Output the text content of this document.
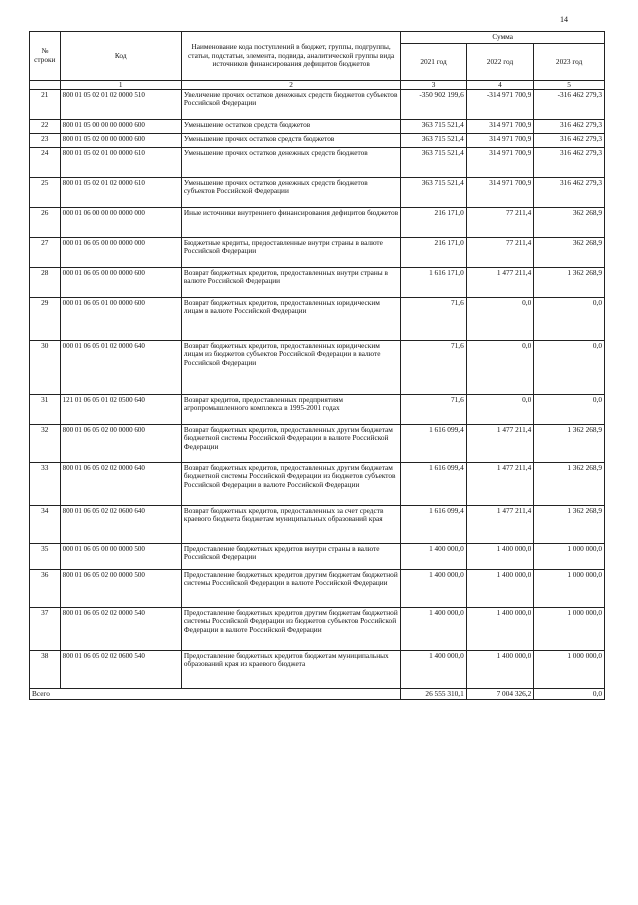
14
№ строки	Код	Наименование кода поступлений в бюджет, группы, подгруппы, статьи, подстатьи, элемента, подвида, аналитической группы вида источников финансирования дефицитов бюджетов	Сумма		
			2021 год	2022 год	2023 год
	1	2	3	4	5
21	800 01 05 02 01 02 0000 510	Увеличение прочих остатков денежных средств бюджетов субъектов Российской Федерации	-350 902 199,6	-314 971 700,9	-316 462 279,3
22	800 01 05 00 00 00 0000 600	Уменьшение остатков средств бюджетов	363 715 521,4	314 971 700,9	316 462 279,3
23	800 01 05 02 00 00 0000 600	Уменьшение прочих остатков средств бюджетов	363 715 521,4	314 971 700,9	316 462 279,3
24	800 01 05 02 01 00 0000 610	Уменьшение прочих остатков денежных средств бюджетов	363 715 521,4	314 971 700,9	316 462 279,3
25	800 01 05 02 01 02 0000 610	Уменьшение прочих остатков денежных средств бюджетов субъектов Российской Федерации	363 715 521,4	314 971 700,9	316 462 279,3
26	000 01 06 00 00 00 0000 000	Иные источники внутреннего финансирования дефицитов бюджетов	216 171,0	77 211,4	362 268,9
27	000 01 06 05 00 00 0000 000	Бюджетные кредиты, предоставленные внутри страны в валюте Российской Федерации	216 171,0	77 211,4	362 268,9
28	000 01 06 05 00 00 0000 600	Возврат бюджетных кредитов, предоставленных внутри страны в валюте Российской Федерации	1 616 171,0	1 477 211,4	1 362 268,9
29	000 01 06 05 01 00 0000 600	Возврат бюджетных кредитов, предоставленных юридическим лицам в валюте Российской Федерации	71,6	0,0	0,0
30	000 01 06 05 01 02 0000 640	Возврат бюджетных кредитов, предоставленных юридическим лицам из бюджетов субъектов Российской Федерации в валюте Российской Федерации	71,6	0,0	0,0
31	121 01 06 05 01 02 0500 640	Возврат кредитов, предоставленных предприятиям агропромышленного комплекса в 1995-2001 годах	71,6	0,0	0,0
32	800 01 06 05 02 00 0000 600	Возврат бюджетных кредитов, предоставленных другим бюджетам бюджетной системы Российской Федерации в валюте Российской Федерации	1 616 099,4	1 477 211,4	1 362 268,9
33	800 01 06 05 02 02 0000 640	Возврат бюджетных кредитов, предоставленных другим бюджетам бюджетной системы Российской Федерации из бюджетов субъектов Российской Федерации в валюте Российской Федерации	1 616 099,4	1 477 211,4	1 362 268,9
34	800 01 06 05 02 02 0600 640	Возврат бюджетных кредитов, предоставленных за счет средств краевого бюджета бюджетам муниципальных образований края	1 616 099,4	1 477 211,4	1 362 268,9
35	000 01 06 05 00 00 0000 500	Предоставление бюджетных кредитов внутри страны в валюте Российской Федерации	1 400 000,0	1 400 000,0	1 000 000,0
36	800 01 06 05 02 00 0000 500	Предоставление бюджетных кредитов другим бюджетам бюджетной системы Российской Федерации в валюте Российской Федерации	1 400 000,0	1 400 000,0	1 000 000,0
37	800 01 06 05 02 02 0000 540	Предоставление бюджетных кредитов другим бюджетам бюджетной системы Российской Федерации из бюджетов субъектов Российской Федерации в валюте Российской Федерации	1 400 000,0	1 400 000,0	1 000 000,0
38	800 01 06 05 02 02 0600 540	Предоставление бюджетных кредитов бюджетам муниципальных образований края из краевого бюджета	1 400 000,0	1 400 000,0	1 000 000,0
Всего			26 555 310,1	7 004 326,2	0,0
